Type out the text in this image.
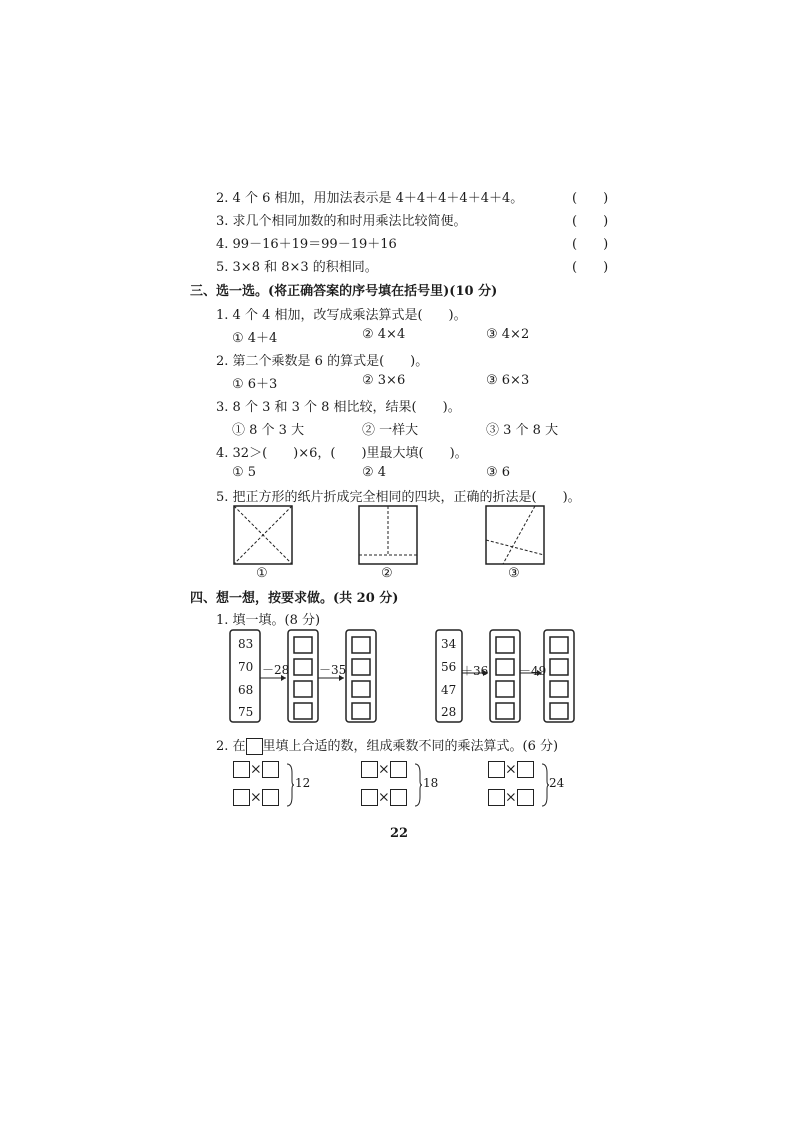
2. 4 个 6 相加，用加法表示是 4＋4＋4＋4＋4＋4。	(　　)
3. 求几个相同加数的和时用乘法比较简便。	(　　)
4. 99－16＋19＝99－19＋16	(　　)
5. 3×8 和 8×3 的积相同。	(　　)
三、选一选。(将正确答案的序号填在括号里)(10 分)
1. 4 个 4 相加，改写成乘法算式是(　　)。
① 4＋4	② 4×4	③ 4×2
2. 第二个乘数是 6 的算式是(　　)。
① 6＋3	② 3×6	③ 6×3
3. 8 个 3 和 3 个 8 相比较，结果(　　)。
① 8 个 3 大	② 一样大	③ 3 个 8 大
4. 32＞(　　)×6，(　　)里最大填(　　)。
① 5	② 4	③ 6
5. 把正方形的纸片折成完全相同的四块，正确的折法是(　　)。
①	②	③
四、想一想，按要求做。(共 20 分)
1. 填一填。(8 分)
83
70
68
75
－28 －35
34
56
47
28
＋36	－49
2. 在 里填上合适的数，组成乘数不同的乘法算式。(6 分)
×
×
12
×
×
18
×
×
24
22
